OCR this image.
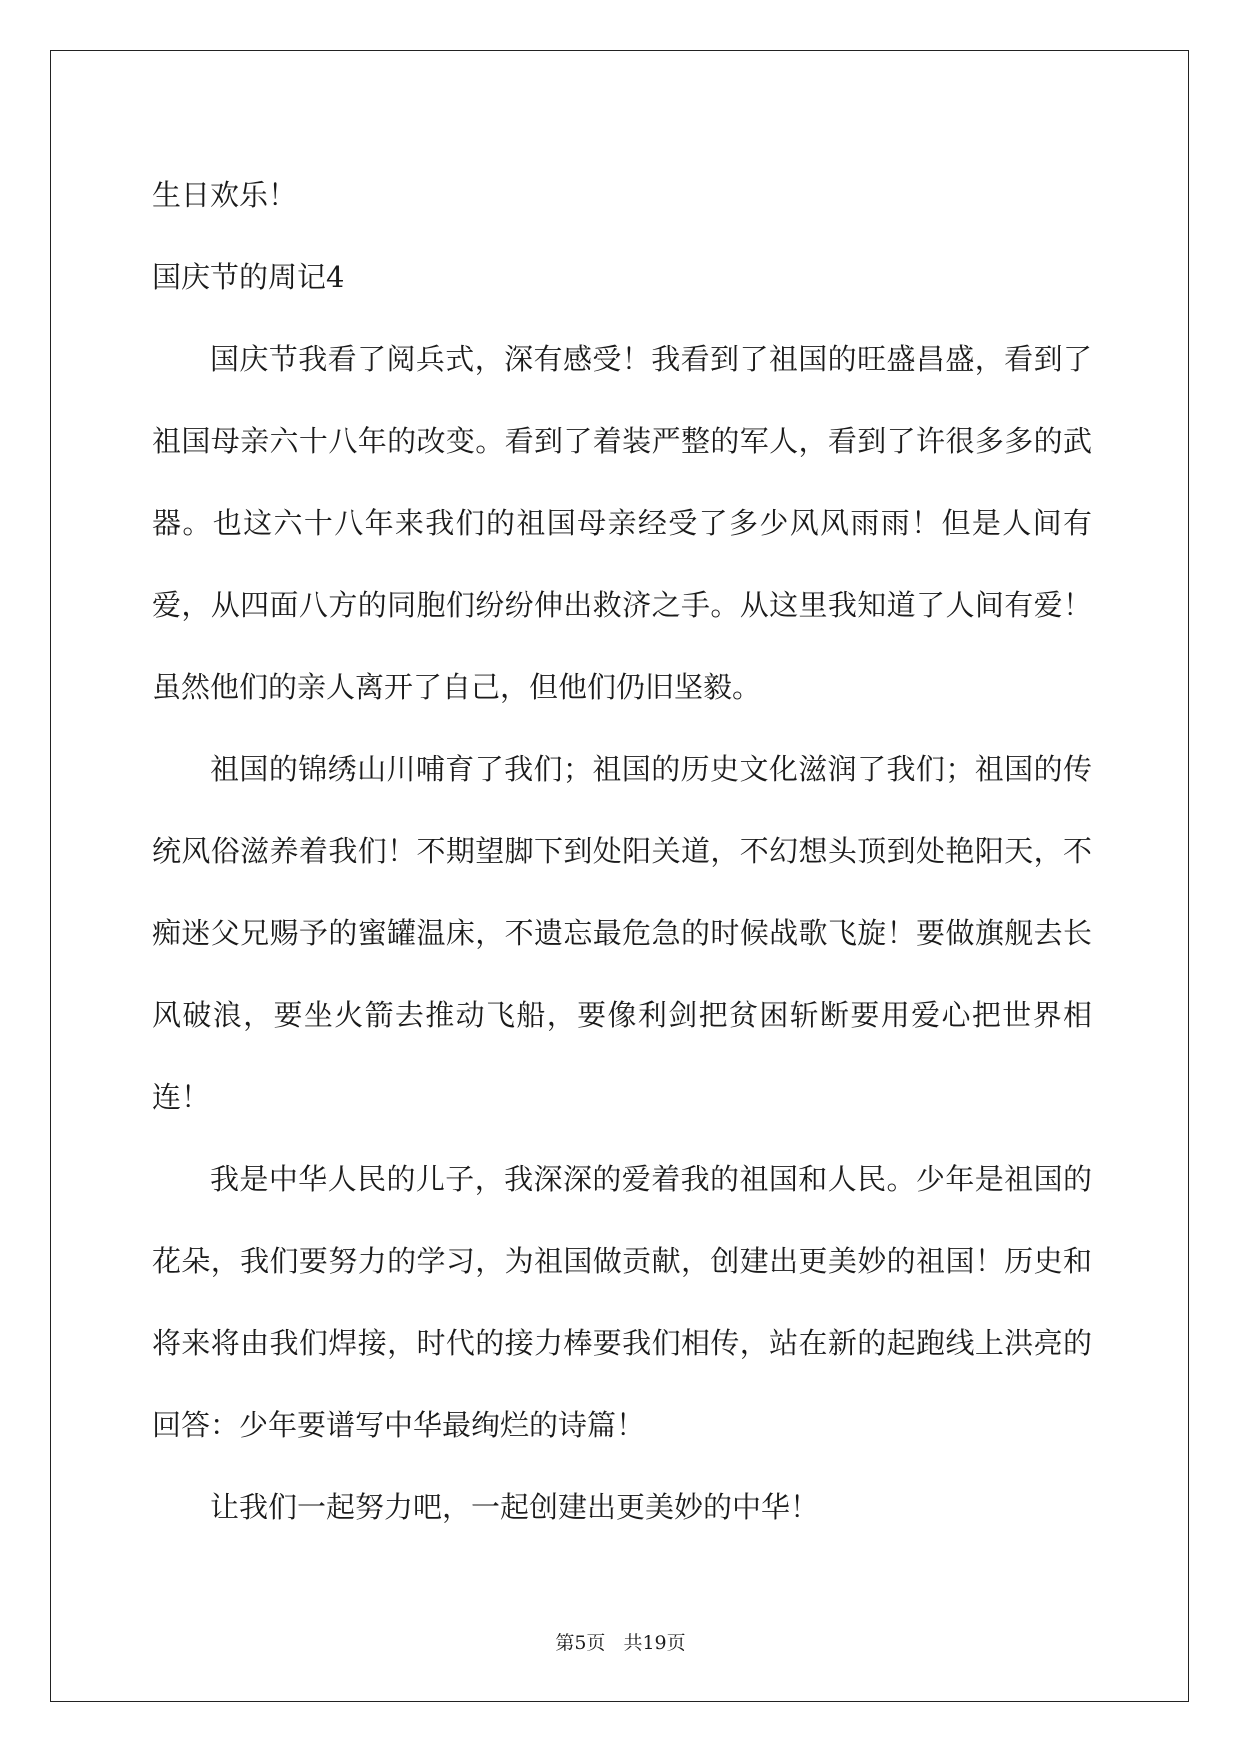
生日欢乐！

国庆节的周记4

国庆节我看了阅兵式，深有感受！我看到了祖国的旺盛昌盛，看到了祖国母亲六十八年的改变。看到了着装严整的军人，看到了许很多多的武器。也这六十八年来我们的祖国母亲经受了多少风风雨雨！但是人间有爱，从四面八方的同胞们纷纷伸出救济之手。从这里我知道了人间有爱！虽然他们的亲人离开了自己，但他们仍旧坚毅。

祖国的锦绣山川哺育了我们；祖国的历史文化滋润了我们；祖国的传统风俗滋养着我们！不期望脚下到处阳关道，不幻想头顶到处艳阳天，不痴迷父兄赐予的蜜罐温床，不遗忘最危急的时候战歌飞旋！要做旗舰去长风破浪，要坐火箭去推动飞船，要像利剑把贫困斩断要用爱心把世界相连！

我是中华人民的儿子，我深深的爱着我的祖国和人民。少年是祖国的花朵，我们要努力的学习，为祖国做贡献，创建出更美妙的祖国！历史和将来将由我们焊接，时代的接力棒要我们相传，站在新的起跑线上洪亮的回答：少年要谱写中华最绚烂的诗篇！

让我们一起努力吧，一起创建出更美妙的中华！

第5页 共19页
